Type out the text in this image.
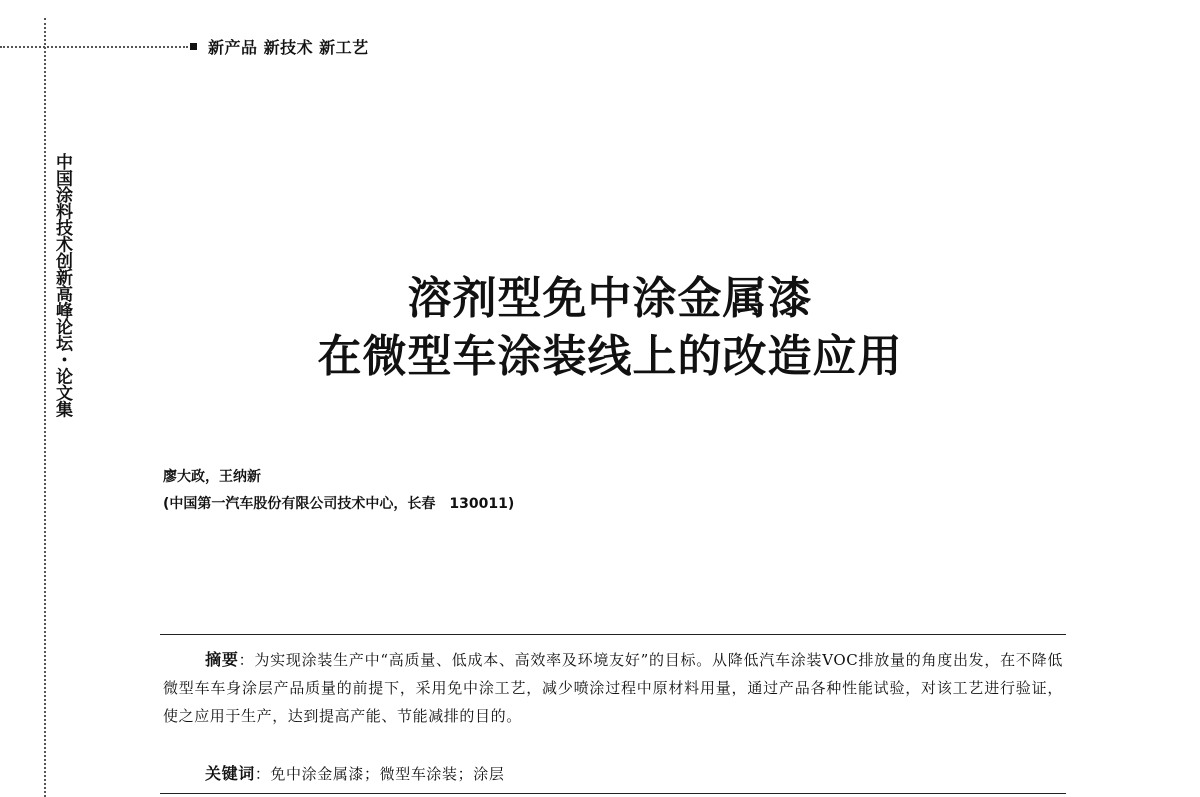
新产品 新技术 新工艺
中国涂料技术创新高峰论坛・论文集	溶剂型免中涂金属漆
在微型车涂装线上的改造应用
廖大政，王纳新
(中国第一汽车股份有限公司技术中心，长春　130011)
摘要：为实现涂装生产中“高质量、低成本、高效率及环境友好”的目标。从降低汽车涂装VOC排放量的角度出发，在不降低微型车车身涂层产品质量的前提下，采用免中涂工艺，减少喷涂过程中原材料用量，通过产品各种性能试验，对该工艺进行验证，使之应用于生产，达到提高产能、节能减排的目的。
关键词：免中涂金属漆；微型车涂装；涂层
